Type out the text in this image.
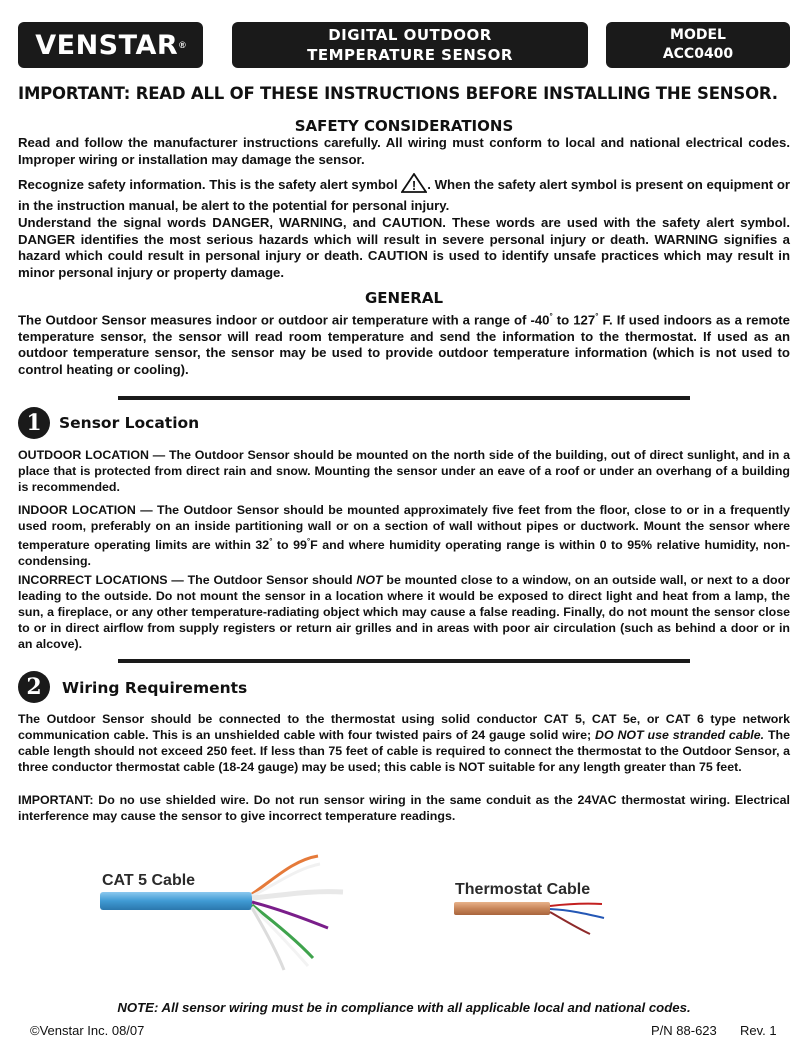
VENSTAR ®
DIGITAL OUTDOOR
TEMPERATURE SENSOR
MODEL
ACC0400
IMPORTANT: READ ALL OF THESE INSTRUCTIONS BEFORE INSTALLING THE SENSOR.
SAFETY CONSIDERATIONS

Read and follow the manufacturer instructions carefully. All wiring must conform to local and national electrical codes. Improper wiring or installation may damage the sensor.

Recognize safety information. This is the safety alert symbol ! . When the safety alert symbol is present on equipment or in the instruction manual, be alert to the potential for personal injury.

Understand the signal words DANGER, WARNING, and CAUTION. These words are used with the safety alert symbol. DANGER identifies the most serious hazards which will result in severe personal injury or death. WARNING signifies a hazard which could result in personal injury or death. CAUTION is used to identify unsafe practices which may result in minor personal injury or property damage.

GENERAL

The Outdoor Sensor measures indoor or outdoor air temperature with a range of -40° to 127° F. If used indoors as a remote temperature sensor, the sensor will read room temperature and send the information to the thermostat. If used as an outdoor temperature sensor, the sensor may be used to provide outdoor temperature information (which is not used to control heating or cooling).

1	Sensor Location

OUTDOOR LOCATION — The Outdoor Sensor should be mounted on the north side of the building, out of direct sunlight, and in a place that is protected from direct rain and snow. Mounting the sensor under an eave of a roof or under an overhang of a building is recommended.

INDOOR LOCATION — The Outdoor Sensor should be mounted approximately five feet from the floor, close to or in a frequently used room, preferably on an inside partitioning wall or on a section of wall without pipes or ductwork. Mount the sensor where temperature operating limits are within 32° to 99°F and where humidity operating range is within 0 to 95% relative humidity, non-condensing.

INCORRECT LOCATIONS — The Outdoor Sensor should NOT be mounted close to a window, on an outside wall, or next to a door leading to the outside. Do not mount the sensor in a location where it would be exposed to direct light and heat from a lamp, the sun, a fireplace, or any other temperature-radiating object which may cause a false reading. Finally, do not mount the sensor close to or in direct airflow from supply registers or return air grilles and in areas with poor air circulation (such as behind a door or in an alcove).

2	Wiring Requirements

The Outdoor Sensor should be connected to the thermostat using solid conductor CAT 5, CAT 5e, or CAT 6 type network communication cable. This is an unshielded cable with four twisted pairs of 24 gauge solid wire; DO NOT use stranded cable. The cable length should not exceed 250 feet. If less than 75 feet of cable is required to connect the thermostat to the Outdoor Sensor, a three conductor thermostat cable (18-24 gauge) may be used; this cable is NOT suitable for any length greater than 75 feet.

IMPORTANT: Do no use shielded wire. Do not run sensor wiring in the same conduit as the 24VAC thermostat wiring. Electrical interference may cause the sensor to give incorrect temperature readings.

CAT 5 Cable
Thermostat Cable
NOTE: All sensor wiring must be in compliance with all applicable local and national codes.
©Venstar Inc. 08/07	P/N 88-623 Rev. 1
